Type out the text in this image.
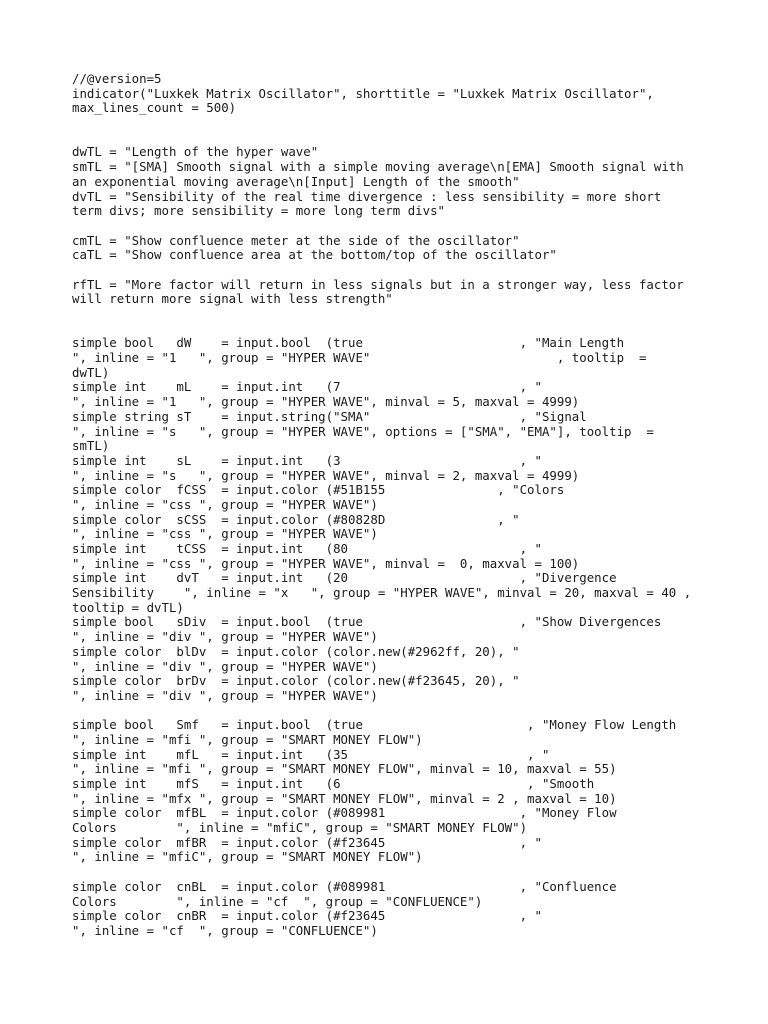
//@version=5
indicator("Luxkek Matrix Oscillator", shorttitle = "Luxkek Matrix Oscillator",
max_lines_count = 500)
dwTL = "Length of the hyper wave"
smTL = "[SMA] Smooth signal with a simple moving average\n[EMA] Smooth signal with
an exponential moving average\n[Input] Length of the smooth"
dvTL = "Sensibility of the real time divergence : less sensibility = more short
term divs; more sensibility = more long term divs"
cmTL = "Show confluence meter at the side of the oscillator"
caTL = "Show confluence area at the bottom/top of the oscillator"
rfTL = "More factor will return in less signals but in a stronger way, less factor
will return more signal with less strength"
simple bool   dW    = input.bool  (true                     , "Main Length
", inline = "1   ", group = "HYPER WAVE"                         , tooltip  =
dwTL)
simple int    mL    = input.int   (7                        , "
", inline = "1   ", group = "HYPER WAVE", minval = 5, maxval = 4999)
simple string sT    = input.string("SMA"                    , "Signal
", inline = "s   ", group = "HYPER WAVE", options = ["SMA", "EMA"], tooltip  =
smTL)
simple int    sL    = input.int   (3                        , "
", inline = "s   ", group = "HYPER WAVE", minval = 2, maxval = 4999)
simple color  fCSS  = input.color (#51B155               , "Colors
", inline = "css ", group = "HYPER WAVE")
simple color  sCSS  = input.color (#80828D               , "
", inline = "css ", group = "HYPER WAVE")
simple int    tCSS  = input.int   (80                       , "
", inline = "css ", group = "HYPER WAVE", minval =  0, maxval = 100)
simple int    dvT   = input.int   (20                       , "Divergence
Sensibility    ", inline = "x   ", group = "HYPER WAVE", minval = 20, maxval = 40 ,
tooltip = dvTL)
simple bool   sDiv  = input.bool  (true                     , "Show Divergences
", inline = "div ", group = "HYPER WAVE")
simple color  blDv  = input.color (color.new(#2962ff, 20), "
", inline = "div ", group = "HYPER WAVE")
simple color  brDv  = input.color (color.new(#f23645, 20), "
", inline = "div ", group = "HYPER WAVE")
simple bool   Smf   = input.bool  (true                      , "Money Flow Length
", inline = "mfi ", group = "SMART MONEY FLOW")
simple int    mfL   = input.int   (35                        , "
", inline = "mfi ", group = "SMART MONEY FLOW", minval = 10, maxval = 55)
simple int    mfS   = input.int   (6                         , "Smooth
", inline = "mfx ", group = "SMART MONEY FLOW", minval = 2 , maxval = 10)
simple color  mfBL  = input.color (#089981                  , "Money Flow
Colors        ", inline = "mfiC", group = "SMART MONEY FLOW")
simple color  mfBR  = input.color (#f23645                  , "
", inline = "mfiC", group = "SMART MONEY FLOW")
simple color  cnBL  = input.color (#089981                  , "Confluence
Colors        ", inline = "cf  ", group = "CONFLUENCE")
simple color  cnBR  = input.color (#f23645                  , "
", inline = "cf  ", group = "CONFLUENCE")
